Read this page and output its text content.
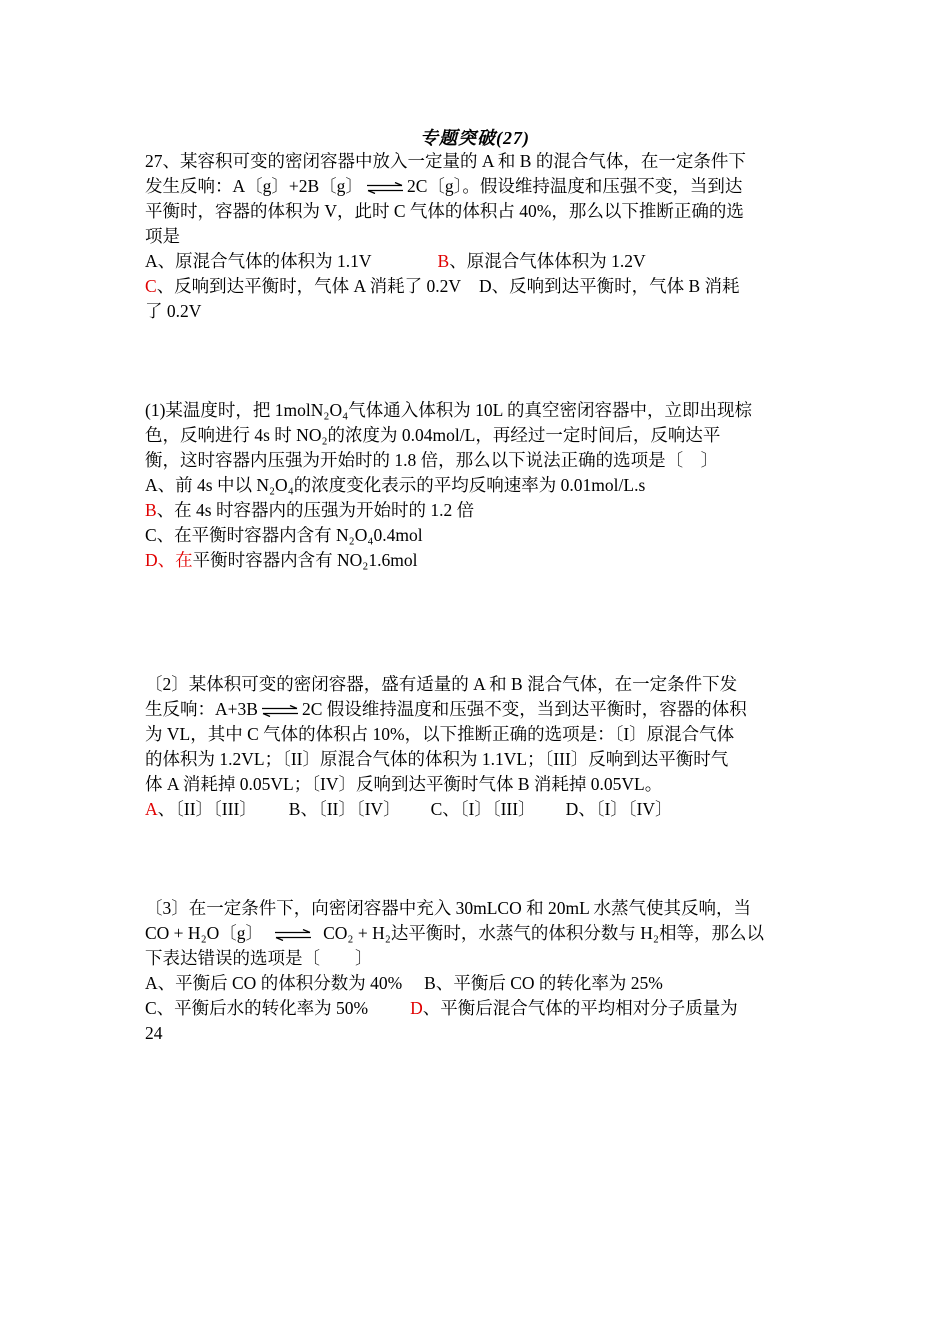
专题突破(27)
27、某容积可变的密闭容器中放入一定量的 A 和 B 的混合气体，在一定条件下
发生反响：A〔g〕+2B〔g〕 ⇌ 2C〔g〕。假设维持温度和压强不变，当到达
平衡时，容器的体积为 V，此时 C 气体的体积占 40%，那么以下推断正确的选
项是
A、原混合气体的体积为 1.1V	B、原混合气体体积为 1.2V
C、反响到达平衡时，气体 A 消耗了 0.2V D、反响到达平衡时，气体 B 消耗
了 0.2V
(1)某温度时，把 1molN₂O₄气体通入体积为 10L 的真空密闭容器中，立即出现棕
色，反响进行 4s 时 NO₂的浓度为 0.04mol/L，再经过一定时间后，反响达平
衡，这时容器内压强为开始时的 1.8 倍，那么以下说法正确的选项是〔　〕
A、前 4s 中以 N₂O₄的浓度变化表示的平均反响速率为 0.01mol/L.s
B、在 4s 时容器内的压强为开始时的 1.2 倍
C、在平衡时容器内含有 N₂O₄0.4mol
D、在平衡时容器内含有 NO₂1.6mol
〔2〕某体积可变的密闭容器，盛有适量的 A 和 B 混合气体，在一定条件下发
生反响：A+3B ⇌ 2C 假设维持温度和压强不变，当到达平衡时，容器的体积
为 VL，其中 C 气体的体积占 10%，以下推断正确的选项是：〔I〕原混合气体
的体积为 1.2VL；〔II〕原混合气体的体积为 1.1VL；〔III〕反响到达平衡时气
体 A 消耗掉 0.05VL；〔IV〕反响到达平衡时气体 B 消耗掉 0.05VL。
A、〔II〕〔III〕 B、〔II〕〔IV〕 C、〔I〕〔III〕 D、〔I〕〔IV〕
〔3〕在一定条件下，向密闭容器中充入 30mLCO 和 20mL 水蒸气使其反响，当
CO + H₂O〔g〕 ⇌ CO₂ + H₂达平衡时，水蒸气的体积分数与 H₂相等，那么以
下表达错误的选项是〔　　〕
A、平衡后 CO 的体积分数为 40% B、平衡后 CO 的转化率为 25%
C、平衡后水的转化率为 50% D、平衡后混合气体的平均相对分子质量为
24
